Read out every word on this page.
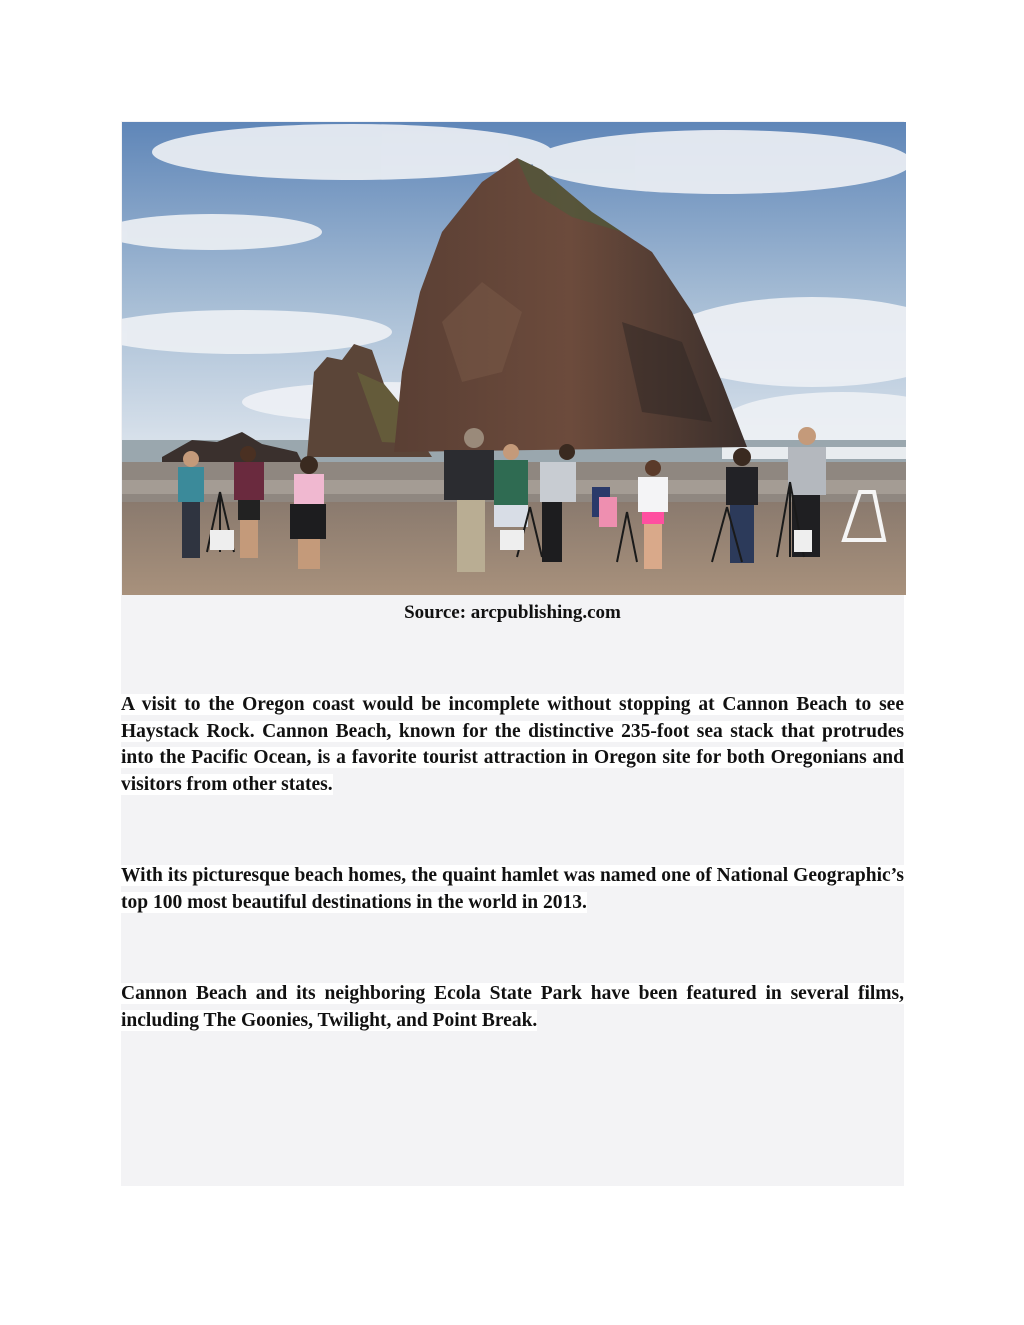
Source: arcpublishing.com

A visit to the Oregon coast would be incomplete without stopping at Cannon Beach to see Haystack Rock. Cannon Beach, known for the distinctive 235-foot sea stack that protrudes into the Pacific Ocean, is a favorite tourist attraction in Oregon site for both Oregonians and visitors from other states.

With its picturesque beach homes, the quaint hamlet was named one of National Geographic’s top 100 most beautiful destinations in the world in 2013.

Cannon Beach and its neighboring Ecola State Park have been featured in several films, including The Goonies, Twilight, and Point Break.
